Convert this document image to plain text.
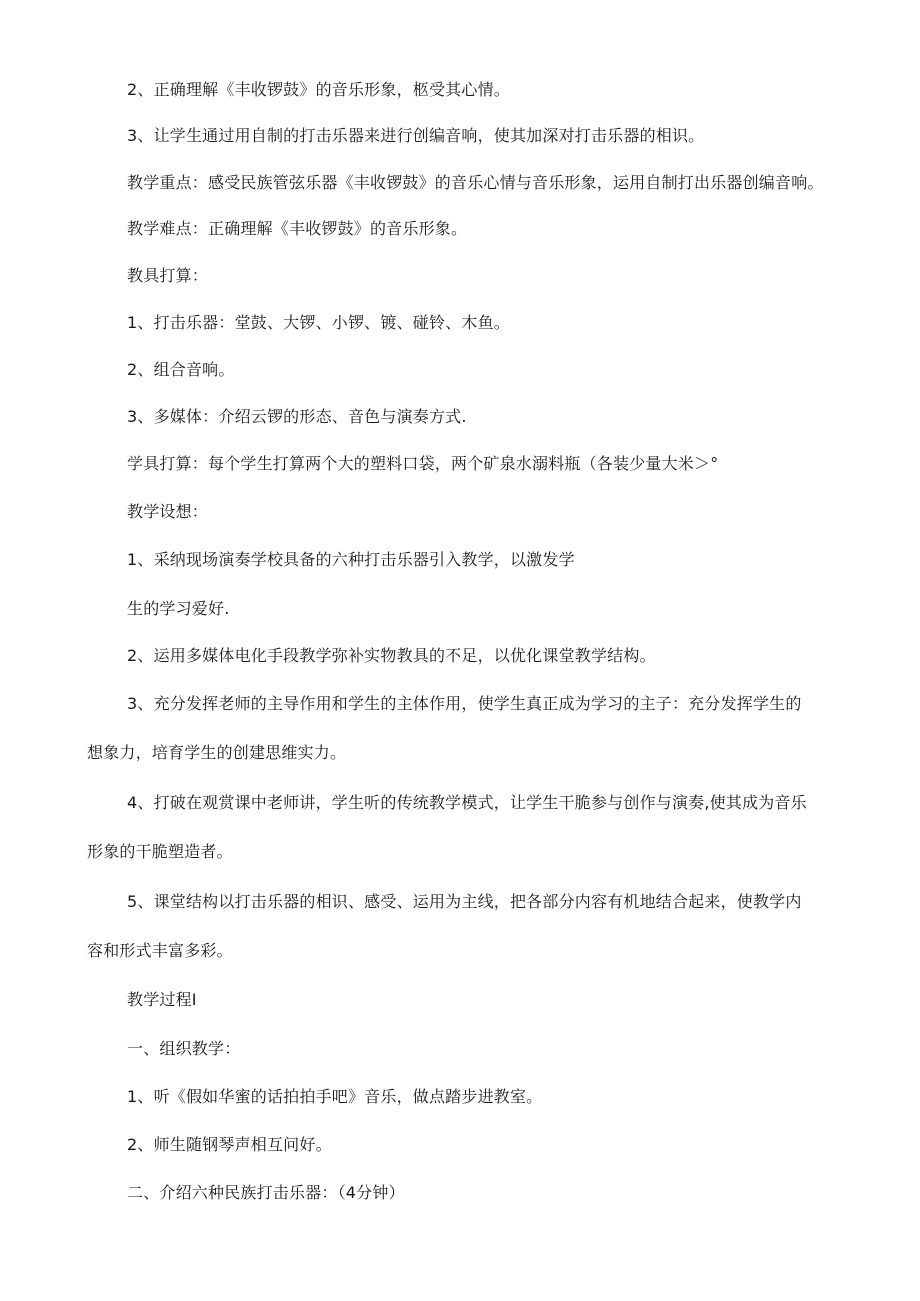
2、正确理解《丰收锣鼓》的音乐形象，柩受其心情。
3、让学生通过用自制的打击乐器来进行创编音响，使其加深对打击乐器的相识。
教学重点：感受民族管弦乐器《丰收锣鼓》的音乐心情与音乐形象，运用自制打出乐器创编音响。
教学难点：正确理解《丰收锣鼓》的音乐形象。
教具打算：
1、打击乐器：堂鼓、大锣、小锣、镀、碰铃、木鱼。
2、组合音响。
3、多媒体：介绍云锣的形态、音色与演奏方式.
学具打算：每个学生打算两个大的塑料口袋，两个矿泉水溺料瓶（各装少量大米＞°
教学设想：
1、采纳现场演奏学校具备的六种打击乐器引入教学，以激发学
生的学习爱好.
2、运用多媒体电化手段教学弥补实物教具的不足，以优化课堂教学结构。
3、充分发挥老师的主导作用和学生的主体作用，使学生真正成为学习的主子：充分发挥学生的
想象力，培育学生的创建思维实力。
4、打破在观赏课中老师讲，学生听的传统教学模式，让学生干脆参与创作与演奏,使其成为音乐
形象的干脆塑造者。
5、课堂结构以打击乐器的相识、感受、运用为主线，把各部分内容有机地结合起来，使教学内
容和形式丰富多彩。
教学过程I
一、组织教学：
1、听《假如华蜜的话拍拍手吧》音乐，做点踏步进教室。
2、师生随钢琴声相互问好。
二、介绍六种民族打击乐器：（4分钟）
